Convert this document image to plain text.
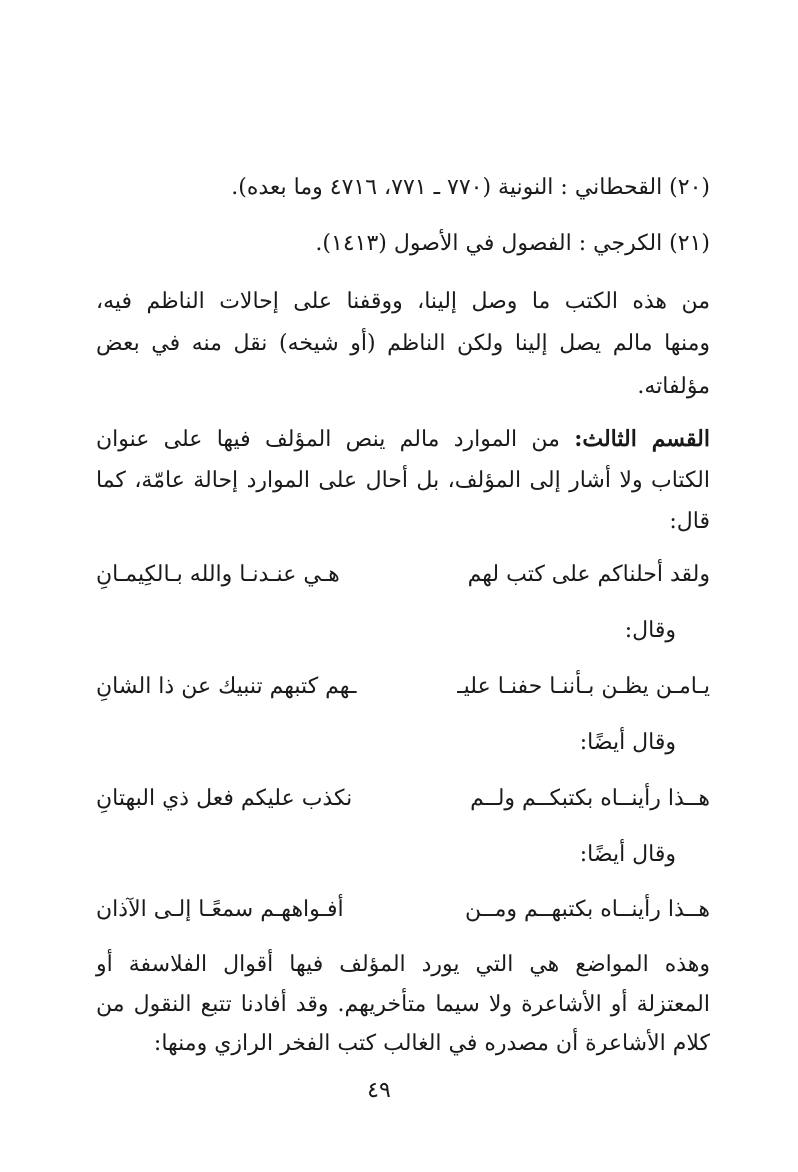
(٢٠) القحطاني : النونية (٧٧٠ ـ ٧٧١، ٤٧١٦ وما بعده).
(٢١) الكرجي : الفصول في الأصول (١٤١٣).
من هذه الكتب ما وصل إلينا، ووقفنا على إحالات الناظم فيه،
ومنها مالم يصل إلينا ولكن الناظم (أو شيخه) نقل منه في بعض
مؤلفاته.
القسم الثالث: من الموارد مالم ينص المؤلف فيها على عنوان
الكتاب ولا أشار إلى المؤلف، بل أحال على الموارد إحالة عامّة، كما
قال:
ولقد أحلناكم على كتب لهم
هـي عنـدنـا والله بـالكِيمـانِ
وقال:
يـامـن يظـن بـأننـا حفنـا عليـ
ـهم كتبهم تنبيك عن ذا الشانِ
وقال أيضًا:
هــذا رأينــاه بكتبكــم ولــم
نكذب عليكم فعل ذي البهتانِ
وقال أيضًا:
هــذا رأينــاه بكتبهــم ومــن
أفـواههـم سمعًـا إلـى الآذان
وهذه المواضع هي التي يورد المؤلف فيها أقوال الفلاسفة أو
المعتزلة أو الأشاعرة ولا سيما متأخريهم. وقد أفادنا تتبع النقول من
كلام الأشاعرة أن مصدره في الغالب كتب الفخر الرازي ومنها:
٤٩
